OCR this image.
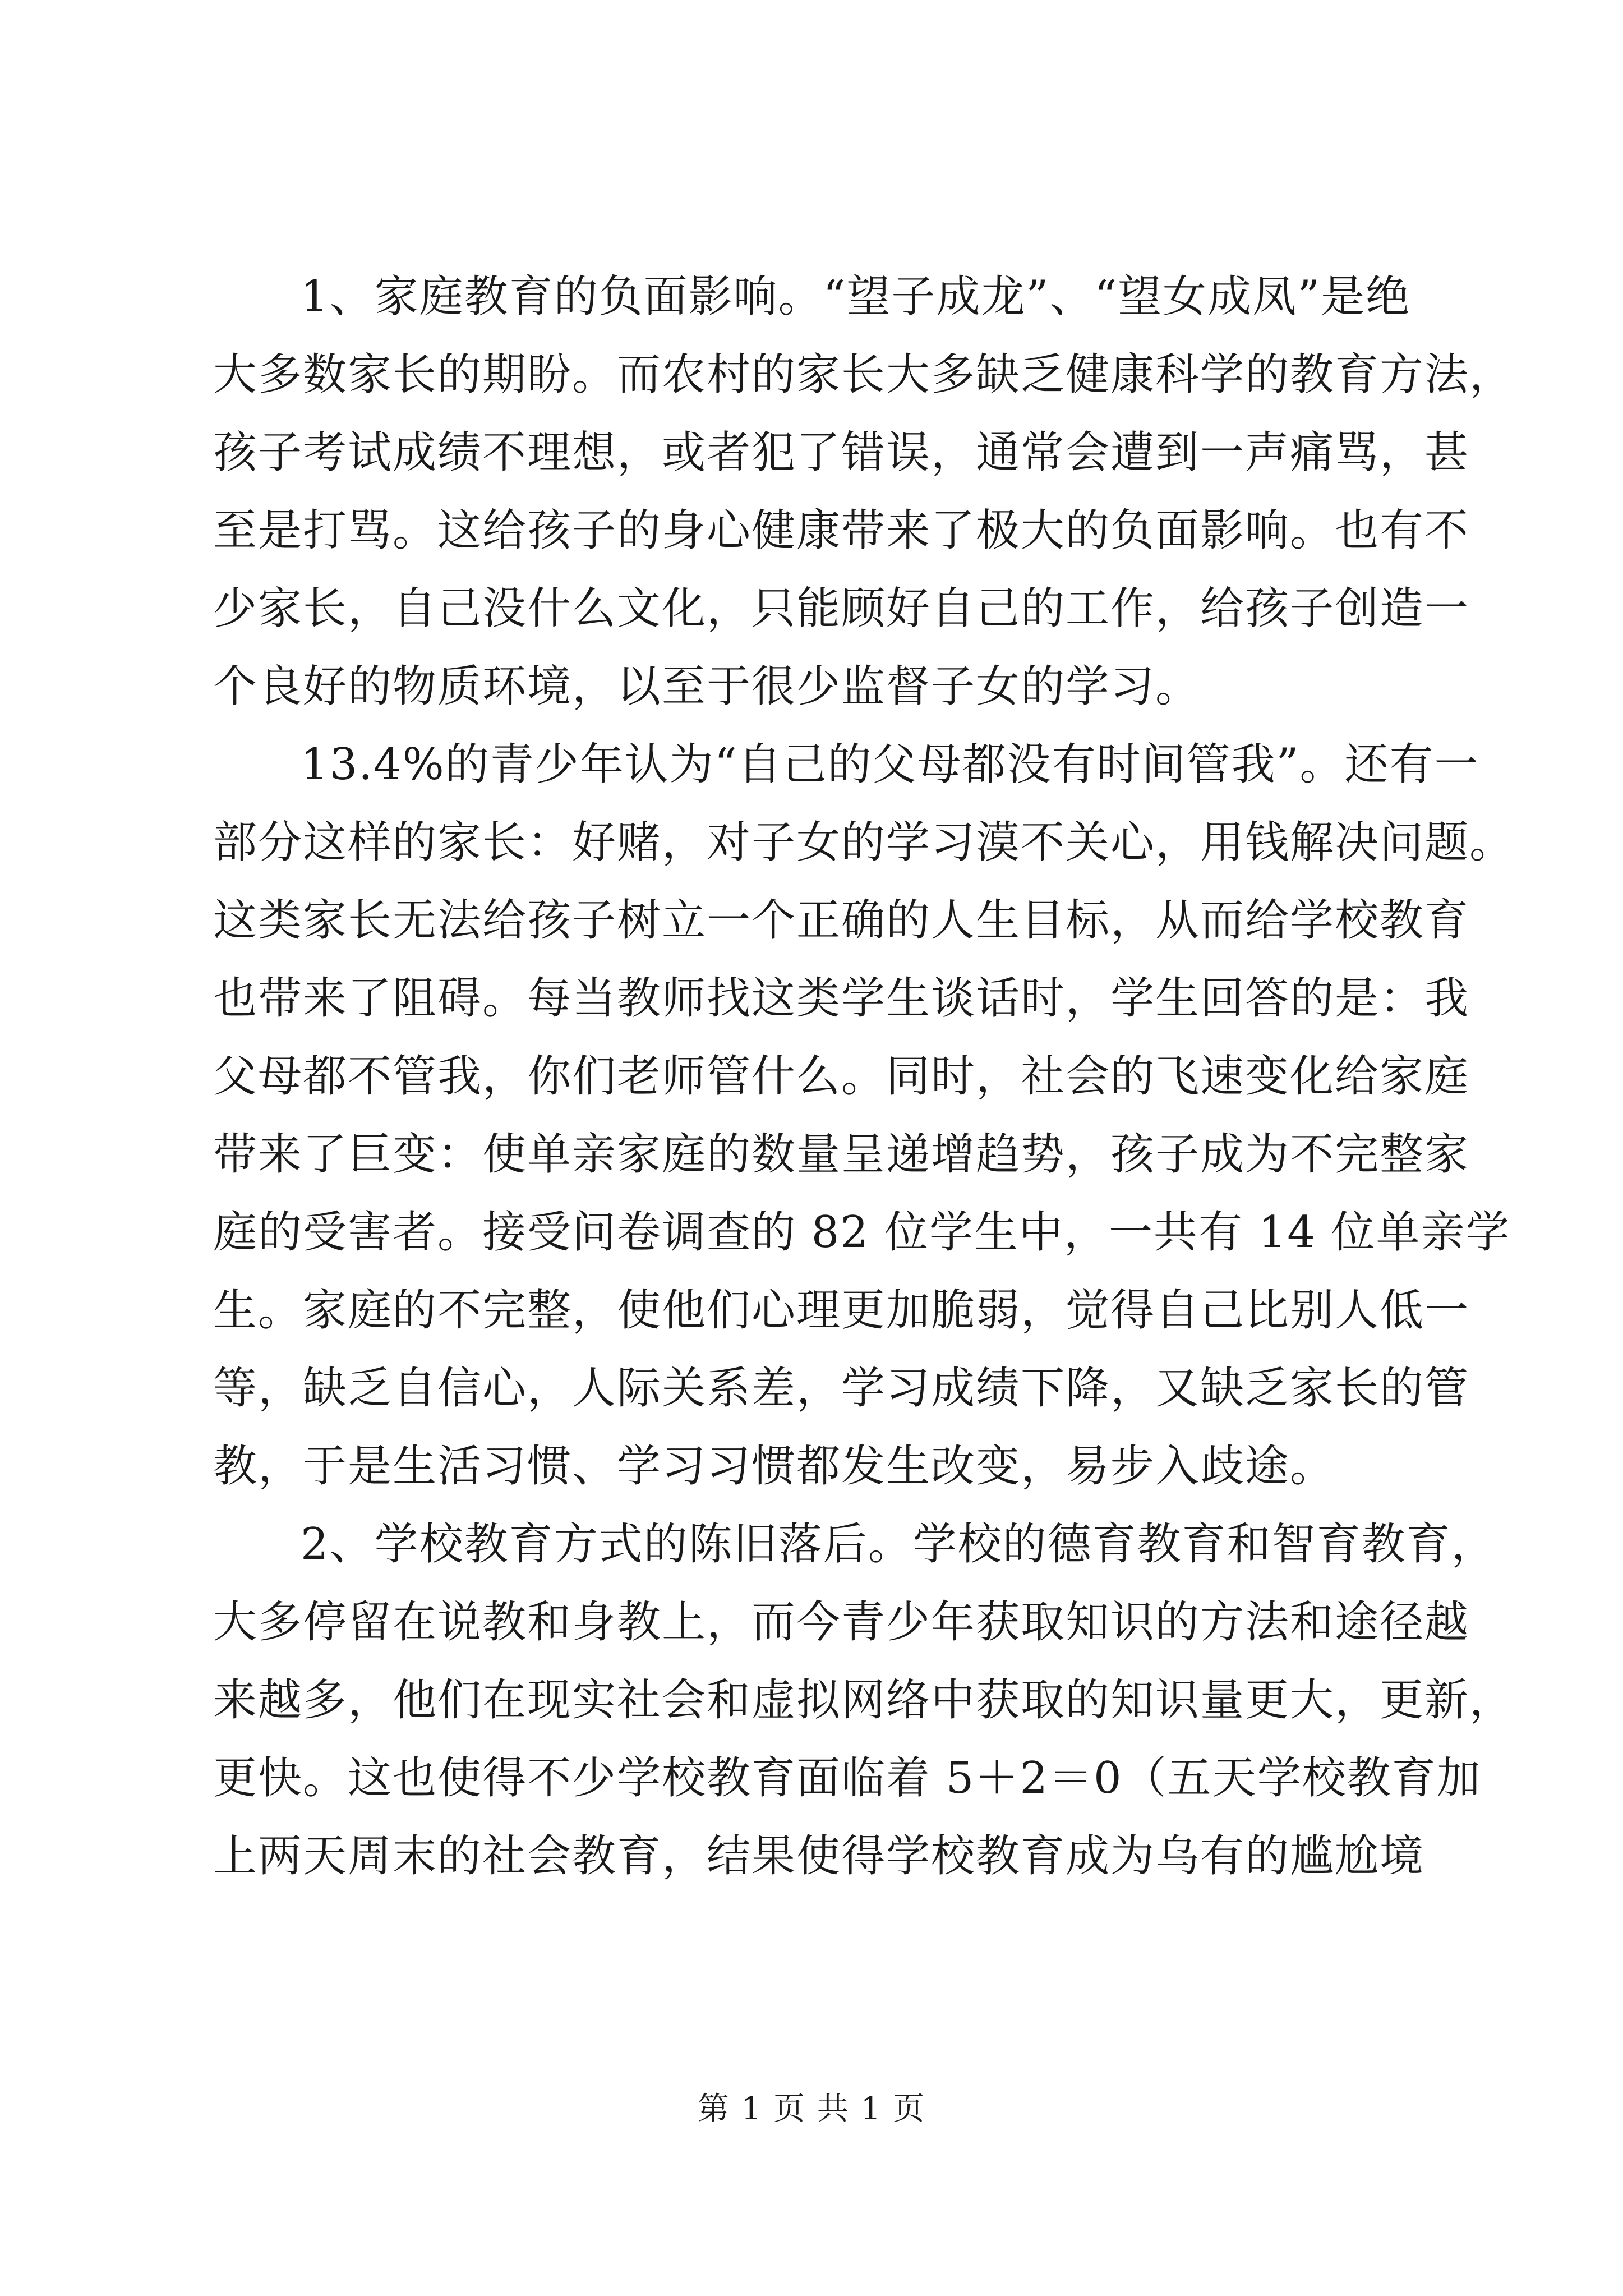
1、家庭教育的负面影响。“望子成龙”、“望女成凤”是绝
大多数家长的期盼。而农村的家长大多缺乏健康科学的教育方法，
孩子考试成绩不理想，或者犯了错误，通常会遭到一声痛骂，甚
至是打骂。这给孩子的身心健康带来了极大的负面影响。也有不
少家长，自己没什么文化，只能顾好自己的工作，给孩子创造一
个良好的物质环境，以至于很少监督子女的学习。
13.4%的青少年认为“自己的父母都没有时间管我”。还有一
部分这样的家长：好赌，对子女的学习漠不关心，用钱解决问题。
这类家长无法给孩子树立一个正确的人生目标，从而给学校教育
也带来了阻碍。每当教师找这类学生谈话时，学生回答的是：我
父母都不管我，你们老师管什么。同时，社会的飞速变化给家庭
带来了巨变：使单亲家庭的数量呈递增趋势，孩子成为不完整家
庭的受害者。接受问卷调查的 82 位学生中，一共有 14 位单亲学
生。家庭的不完整，使他们心理更加脆弱，觉得自己比别人低一
等，缺乏自信心，人际关系差，学习成绩下降，又缺乏家长的管
教，于是生活习惯、学习习惯都发生改变，易步入歧途。
2、学校教育方式的陈旧落后。学校的德育教育和智育教育，
大多停留在说教和身教上，而今青少年获取知识的方法和途径越
来越多，他们在现实社会和虚拟网络中获取的知识量更大，更新，
更快。这也使得不少学校教育面临着 5＋2＝0（五天学校教育加
上两天周末的社会教育，结果使得学校教育成为乌有的尴尬境
第 1 页 共 1 页
